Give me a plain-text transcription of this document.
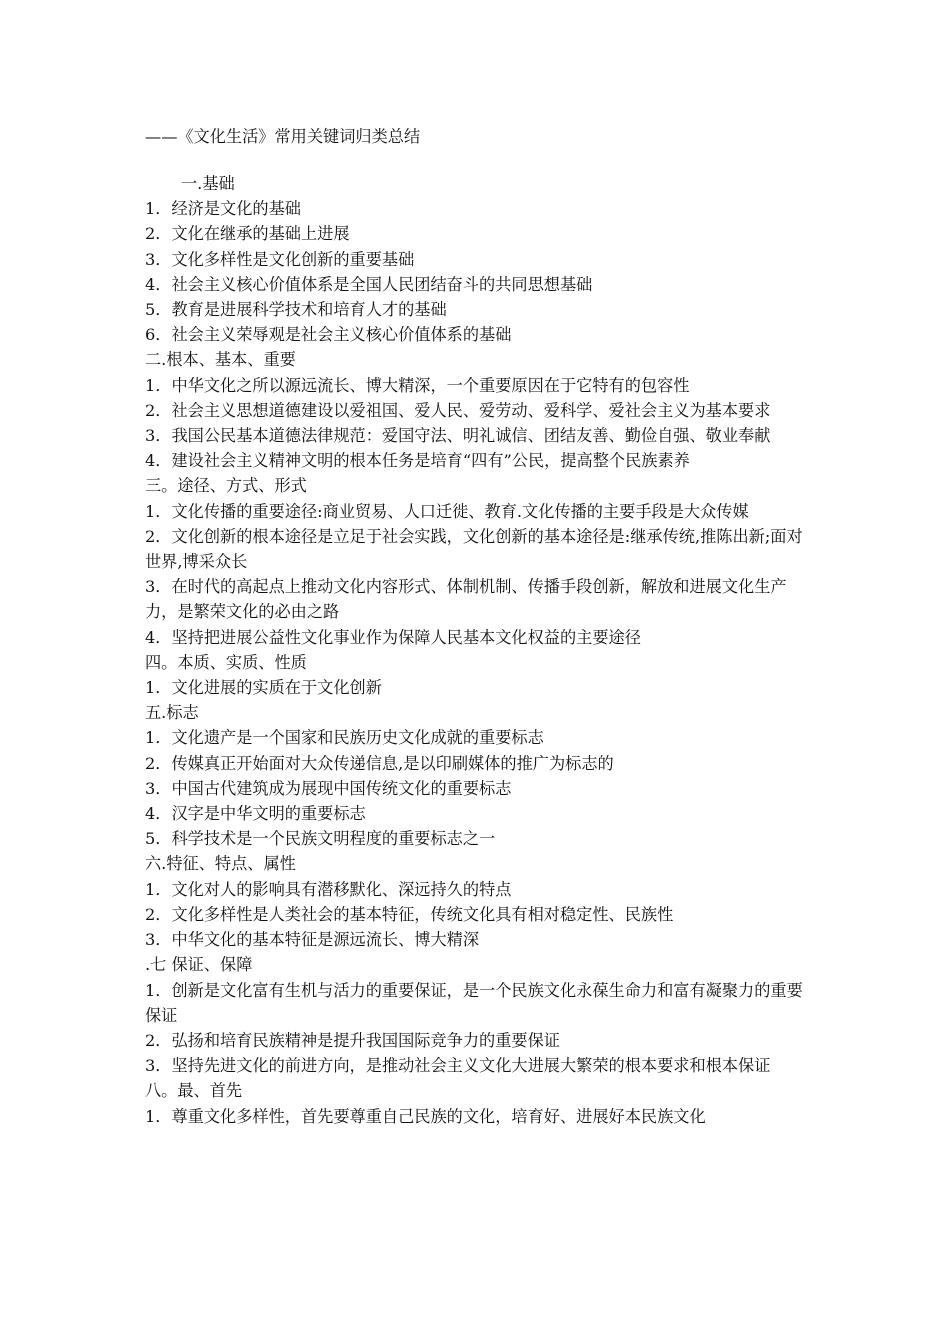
——《文化生活》常用关键词归类总结

一.基础

1．经济是文化的基础

2．文化在继承的基础上进展

3．文化多样性是文化创新的重要基础

4．社会主义核心价值体系是全国人民团结奋斗的共同思想基础

5．教育是进展科学技术和培育人才的基础

6．社会主义荣辱观是社会主义核心价值体系的基础

二.根本、基本、重要

1．中华文化之所以源远流长、博大精深，一个重要原因在于它特有的包容性

2．社会主义思想道德建设以爱祖国、爱人民、爱劳动、爱科学、爱社会主义为基本要求

3．我国公民基本道德法律规范：爱国守法、明礼诚信、团结友善、勤俭自强、敬业奉献

4．建设社会主义精神文明的根本任务是培育“四有”公民，提高整个民族素养

三。途径、方式、形式

1．文化传播的重要途径:商业贸易、人口迁徙、教育.文化传播的主要手段是大众传媒

2．文化创新的根本途径是立足于社会实践，文化创新的基本途径是:继承传统,推陈出新;面对世界,博采众长

3．在时代的高起点上推动文化内容形式、体制机制、传播手段创新，解放和进展文化生产力，是繁荣文化的必由之路

4．坚持把进展公益性文化事业作为保障人民基本文化权益的主要途径

四。本质、实质、性质

1．文化进展的实质在于文化创新

五.标志

1．文化遗产是一个国家和民族历史文化成就的重要标志

2．传媒真正开始面对大众传递信息,是以印刷媒体的推广为标志的

3．中国古代建筑成为展现中国传统文化的重要标志

4．汉字是中华文明的重要标志

5．科学技术是一个民族文明程度的重要标志之一

六.特征、特点、属性

1．文化对人的影响具有潜移默化、深远持久的特点

2．文化多样性是人类社会的基本特征，传统文化具有相对稳定性、民族性

3．中华文化的基本特征是源远流长、博大精深

.七 保证、保障

1．创新是文化富有生机与活力的重要保证，是一个民族文化永葆生命力和富有凝聚力的重要保证

2．弘扬和培育民族精神是提升我国国际竞争力的重要保证

3．坚持先进文化的前进方向，是推动社会主义文化大进展大繁荣的根本要求和根本保证

八。最、首先

1．尊重文化多样性，首先要尊重自己民族的文化，培育好、进展好本民族文化
